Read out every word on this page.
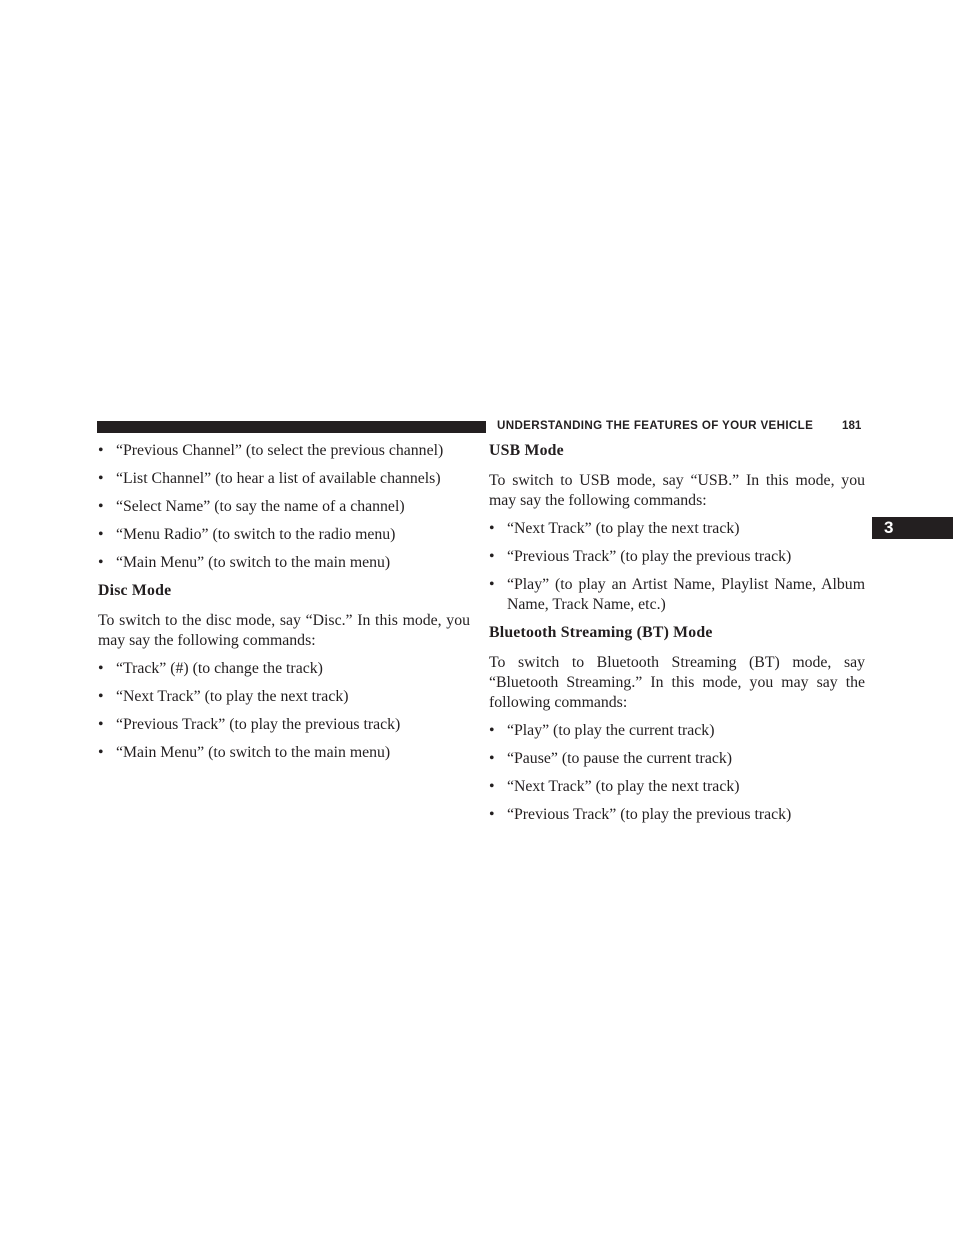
UNDERSTANDING THE FEATURES OF YOUR VEHICLE 181
3
• “Previous Channel” (to select the previous channel)
• “List Channel” (to hear a list of available channels)
• “Select Name” (to say the name of a channel)
• “Menu Radio” (to switch to the radio menu)
• “Main Menu” (to switch to the main menu)
Disc Mode

To switch to the disc mode, say “Disc.” In this mode, you may say the following commands:

• “Track” (#) (to change the track)
• “Next Track” (to play the next track)
• “Previous Track” (to play the previous track)
• “Main Menu” (to switch to the main menu)
USB Mode

To switch to USB mode, say “USB.” In this mode, you may say the following commands:

• “Next Track” (to play the next track)
• “Previous Track” (to play the previous track)
• “Play” (to play an Artist Name, Playlist Name, Album Name, Track Name, etc.)
Bluetooth Streaming (BT) Mode

To switch to Bluetooth Streaming (BT) mode, say “Bluetooth Streaming.” In this mode, you may say the following commands:

• “Play” (to play the current track)
• “Pause” (to pause the current track)
• “Next Track” (to play the next track)
• “Previous Track” (to play the previous track)
